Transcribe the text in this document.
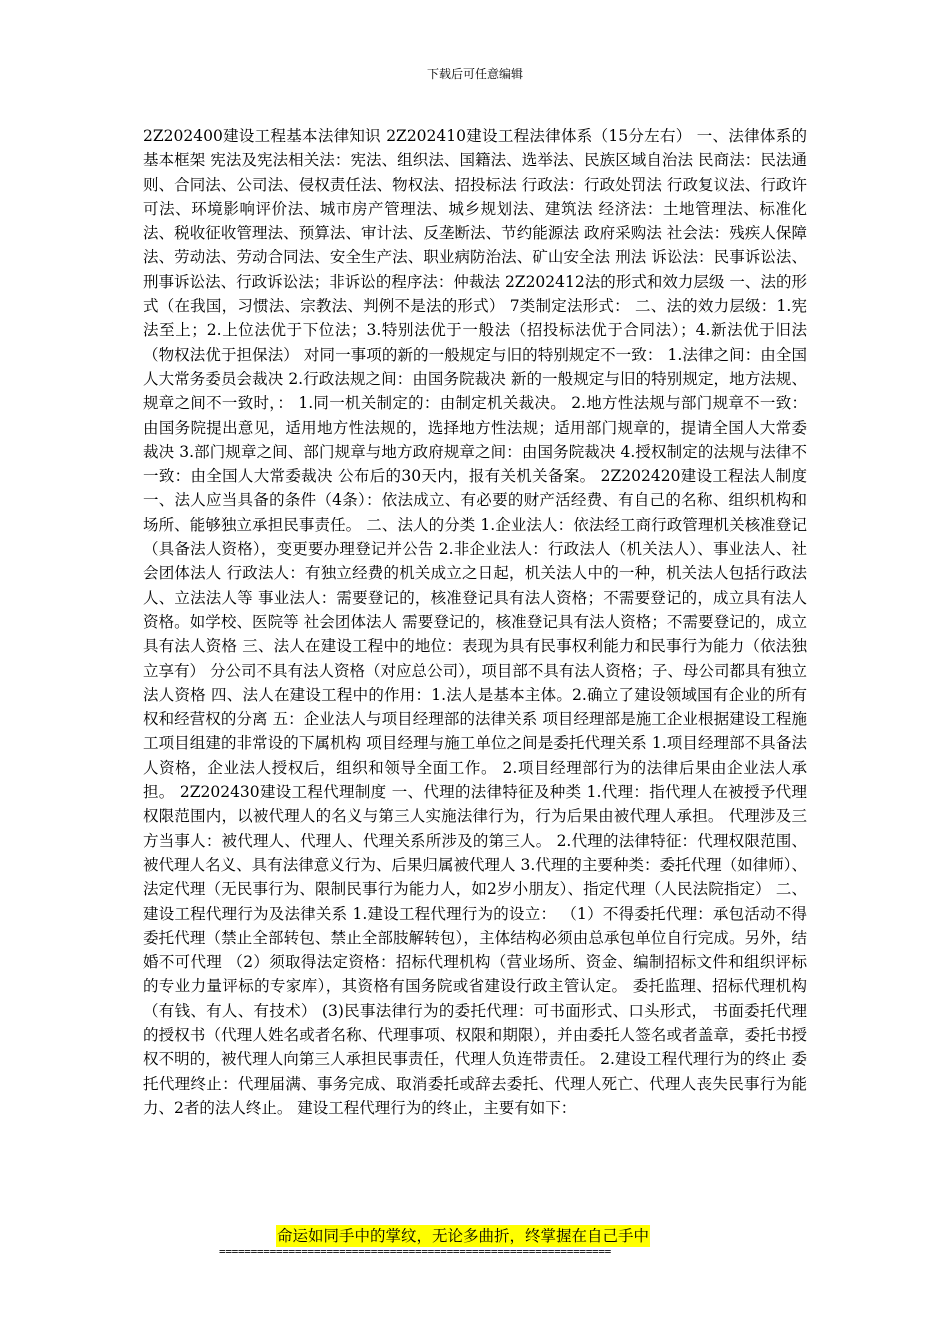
下载后可任意编辑

2Z202400建设工程基本法律知识 2Z202410建设工程法律体系（15分左右） 一、法律体系的基本框架 宪法及宪法相关法：宪法、组织法、国籍法、选举法、民族区域自治法 民商法：民法通则、合同法、公司法、侵权责任法、物权法、招投标法 行政法：行政处罚法 行政复议法、行政许可法、环境影响评价法、城市房产管理法、城乡规划法、建筑法 经济法：土地管理法、标准化法、税收征收管理法、预算法、审计法、反垄断法、节约能源法 政府采购法 社会法：残疾人保障法、劳动法、劳动合同法、安全生产法、职业病防治法、矿山安全法 刑法 诉讼法：民事诉讼法、刑事诉讼法、行政诉讼法；非诉讼的程序法：仲裁法 2Z202412法的形式和效力层级 一、法的形式（在我国，习惯法、宗教法、判例不是法的形式） 7类制定法形式： 二、法的效力层级：1.宪法至上；2.上位法优于下位法；3.特别法优于一般法（招投标法优于合同法）；4.新法优于旧法（物权法优于担保法） 对同一事项的新的一般规定与旧的特别规定不一致： 1.法律之间：由全国人大常务委员会裁决 2.行政法规之间：由国务院裁决 新的一般规定与旧的特别规定，地方法规、规章之间不一致时，： 1.同一机关制定的：由制定机关裁决。 2.地方性法规与部门规章不一致：由国务院提出意见，适用地方性法规的，选择地方性法规；适用部门规章的，提请全国人大常委裁决 3.部门规章之间、部门规章与地方政府规章之间：由国务院裁决 4.授权制定的法规与法律不一致：由全国人大常委裁决 公布后的30天内，报有关机关备案。 2Z202420建设工程法人制度 一、法人应当具备的条件（4条）：依法成立、有必要的财产活经费、有自己的名称、组织机构和场所、能够独立承担民事责任。 二、法人的分类 1.企业法人：依法经工商行政管理机关核准登记（具备法人资格），变更要办理登记并公告 2.非企业法人：行政法人（机关法人）、事业法人、社会团体法人 行政法人：有独立经费的机关成立之日起，机关法人中的一种，机关法人包括行政法人、立法法人等 事业法人：需要登记的，核准登记具有法人资格；不需要登记的，成立具有法人资格。如学校、医院等 社会团体法人 需要登记的，核准登记具有法人资格；不需要登记的，成立具有法人资格 三、法人在建设工程中的地位：表现为具有民事权利能力和民事行为能力（依法独立享有） 分公司不具有法人资格（对应总公司），项目部不具有法人资格；子、母公司都具有独立法人资格 四、法人在建设工程中的作用：1.法人是基本主体。2.确立了建设领域国有企业的所有权和经营权的分离 五：企业法人与项目经理部的法律关系 项目经理部是施工企业根据建设工程施工项目组建的非常设的下属机构 项目经理与施工单位之间是委托代理关系 1.项目经理部不具备法人资格，企业法人授权后，组织和领导全面工作。 2.项目经理部行为的法律后果由企业法人承担。 2Z202430建设工程代理制度 一、代理的法律特征及种类 1.代理：指代理人在被授予代理权限范围内，以被代理人的名义与第三人实施法律行为，行为后果由被代理人承担。 代理涉及三方当事人：被代理人、代理人、代理关系所涉及的第三人。 2.代理的法律特征：代理权限范围、被代理人名义、具有法律意义行为、后果归属被代理人 3.代理的主要种类：委托代理（如律师）、法定代理（无民事行为、限制民事行为能力人，如2岁小朋友）、指定代理（人民法院指定） 二、建设工程代理行为及法律关系 1.建设工程代理行为的设立： （1）不得委托代理：承包活动不得委托代理（禁止全部转包、禁止全部肢解转包），主体结构必须由总承包单位自行完成。另外，结婚不可代理 （2）须取得法定资格：招标代理机构（营业场所、资金、编制招标文件和组织评标的专业力量评标的专家库），其资格有国务院或省建设行政主管认定。 委托监理、招标代理机构（有钱、有人、有技术） (3)民事法律行为的委托代理：可书面形式、口头形式， 书面委托代理的授权书（代理人姓名或者名称、代理事项、权限和期限），并由委托人签名或者盖章，委托书授权不明的，被代理人向第三人承担民事责任，代理人负连带责任。 2.建设工程代理行为的终止 委托代理终止：代理届满、事务完成、取消委托或辞去委托、代理人死亡、代理人丧失民事行为能力、2者的法人终止。 建设工程代理行为的终止，主要有如下：

命运如同手中的掌纹，无论多曲折，终掌握在自己手中
==============================================================
